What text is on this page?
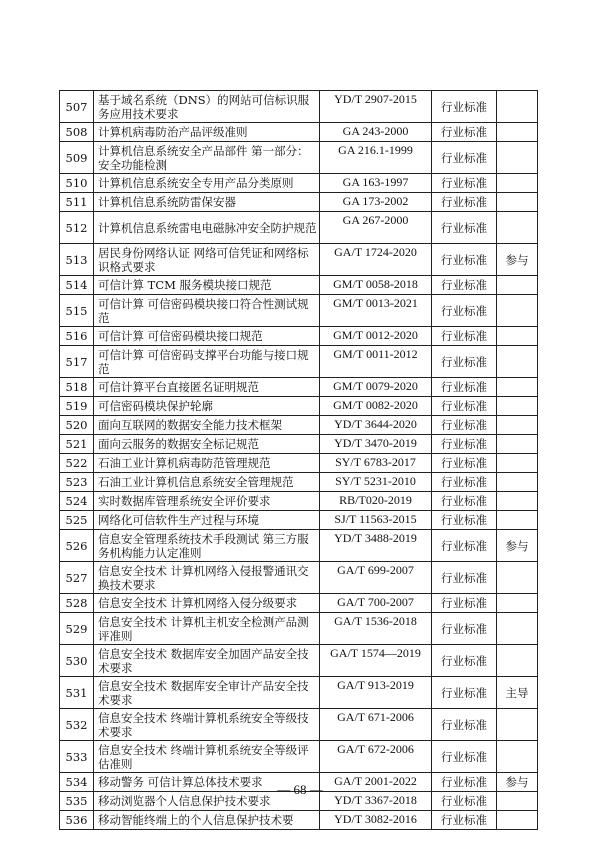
507	基于域名系统（DNS）的网站可信标识服务应用技术要求	YD/T 2907-2015	行业标准	
508	计算机病毒防治产品评级准则	GA 243-2000	行业标准	
509	计算机信息系统安全产品部件 第一部分：安全功能检测	GA 216.1-1999	行业标准	
510	计算机信息系统安全专用产品分类原则	GA 163-1997	行业标准	
511	计算机信息系统防雷保安器	GA 173-2002	行业标准	
512	计算机信息系统雷电电磁脉冲安全防护规范	GA 267-2000	行业标准	
513	居民身份网络认证 网络可信凭证和网络标识格式要求	GA/T 1724-2020	行业标准	参与
514	可信计算 TCM 服务模块接口规范	GM/T 0058-2018	行业标准	
515	可信计算 可信密码模块接口符合性测试规范	GM/T 0013-2021	行业标准	
516	可信计算 可信密码模块接口规范	GM/T 0012-2020	行业标准	
517	可信计算 可信密码支撑平台功能与接口规范	GM/T 0011-2012	行业标准	
518	可信计算平台直接匿名证明规范	GM/T 0079-2020	行业标准	
519	可信密码模块保护轮廓	GM/T 0082-2020	行业标准	
520	面向互联网的数据安全能力技术框架	YD/T 3644-2020	行业标准	
521	面向云服务的数据安全标记规范	YD/T 3470-2019	行业标准	
522	石油工业计算机病毒防范管理规范	SY/T 6783-2017	行业标准	
523	石油工业计算机信息系统安全管理规范	SY/T 5231-2010	行业标准	
524	实时数据库管理系统安全评价要求	RB/T020-2019	行业标准	
525	网络化可信软件生产过程与环境	SJ/T 11563-2015	行业标准	
526	信息安全管理系统技术手段测试 第三方服务机构能力认定准则	YD/T 3488-2019	行业标准	参与
527	信息安全技术 计算机网络入侵报警通讯交换技术要求	GA/T 699-2007	行业标准	
528	信息安全技术 计算机网络入侵分级要求	GA/T 700-2007	行业标准	
529	信息安全技术 计算机主机安全检测产品测评准则	GA/T 1536-2018	行业标准	
530	信息安全技术 数据库安全加固产品安全技术要求	GA/T 1574—2019	行业标准	
531	信息安全技术 数据库安全审计产品安全技术要求	GA/T 913-2019	行业标准	主导
532	信息安全技术 终端计算机系统安全等级技术要求	GA/T 671-2006	行业标准	
533	信息安全技术 终端计算机系统安全等级评估准则	GA/T 672-2006	行业标准	
534	移动警务 可信计算总体技术要求	GA/T 2001-2022	行业标准	参与
535	移动浏览器个人信息保护技术要求	YD/T 3367-2018	行业标准	
536	移动智能终端上的个人信息保护技术要	YD/T 3082-2016	行业标准	
— 68 —
